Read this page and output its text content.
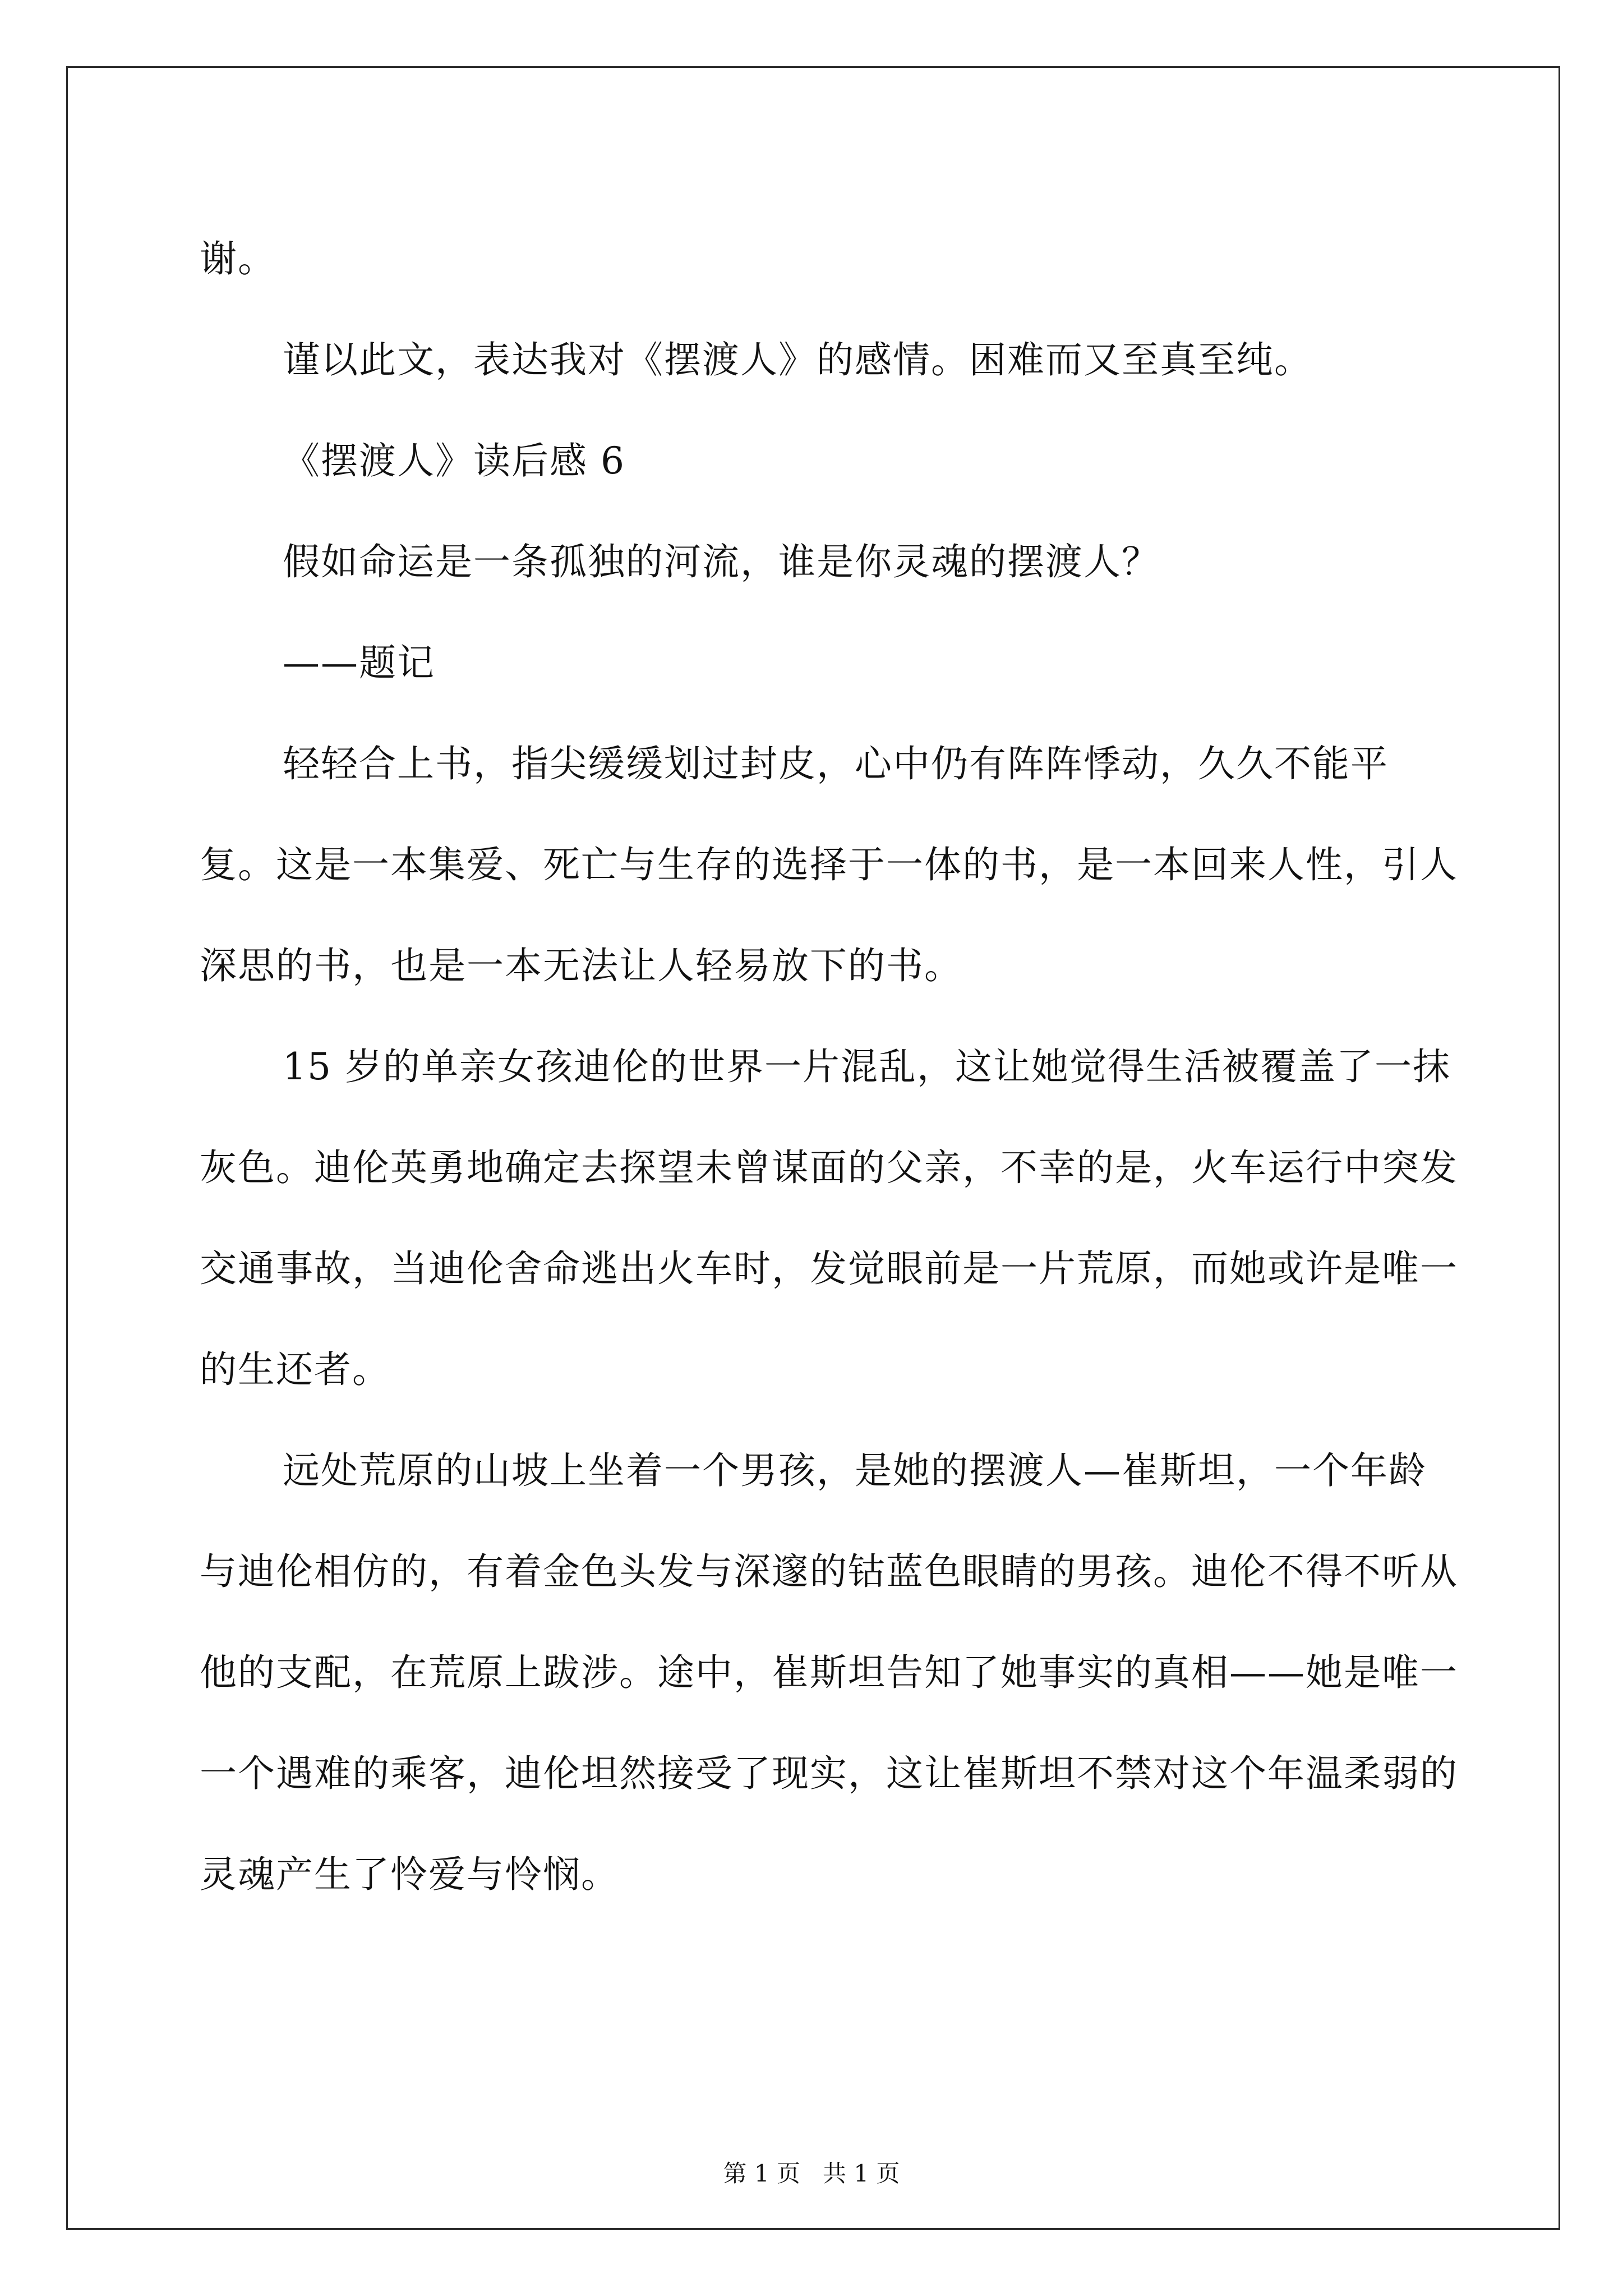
谢。

谨以此文，表达我对《摆渡人》的感情。困难而又至真至纯。

《摆渡人》读后感 6

假如命运是一条孤独的河流，谁是你灵魂的摆渡人？

——题记

轻轻合上书，指尖缓缓划过封皮，心中仍有阵阵悸动，久久不能平复。这是一本集爱、死亡与生存的选择于一体的书，是一本回来人性，引人深思的书，也是一本无法让人轻易放下的书。

15 岁的单亲女孩迪伦的世界一片混乱，这让她觉得生活被覆盖了一抹灰色。迪伦英勇地确定去探望未曾谋面的父亲，不幸的是，火车运行中突发交通事故，当迪伦舍命逃出火车时，发觉眼前是一片荒原，而她或许是唯一的生还者。

远处荒原的山坡上坐着一个男孩，是她的摆渡人—崔斯坦，一个年龄与迪伦相仿的，有着金色头发与深邃的钴蓝色眼睛的男孩。迪伦不得不听从他的支配，在荒原上跋涉。途中，崔斯坦告知了她事实的真相——她是唯一一个遇难的乘客，迪伦坦然接受了现实，这让崔斯坦不禁对这个年温柔弱的灵魂产生了怜爱与怜悯。

第 1 页 共 1 页
